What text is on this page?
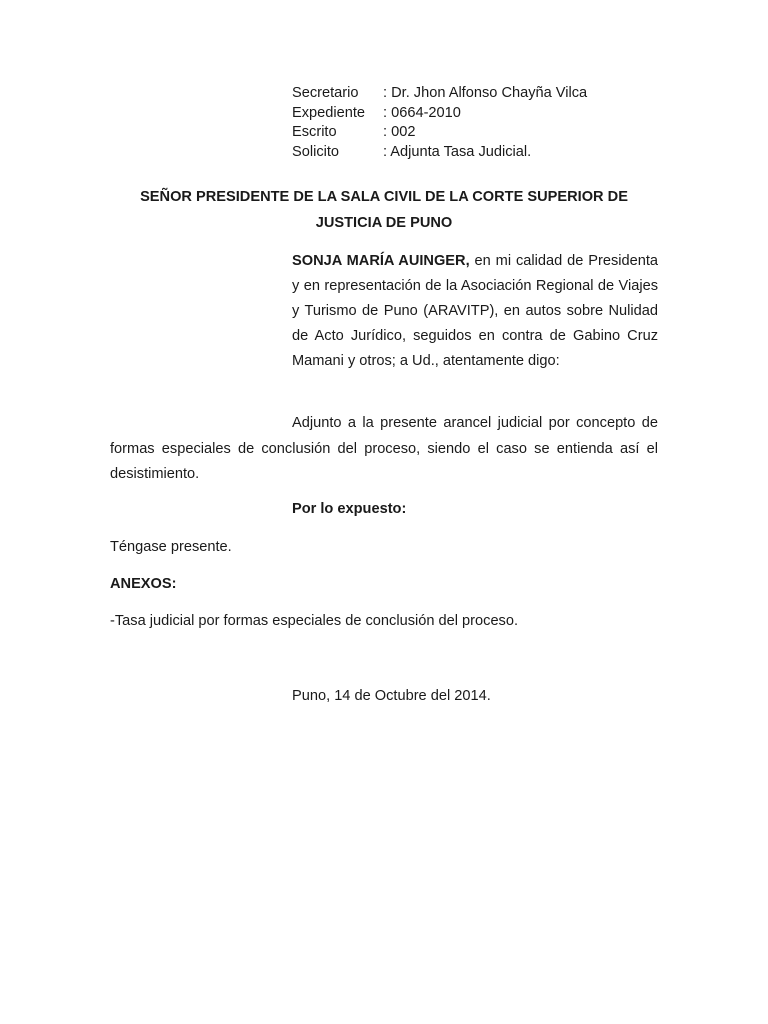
Secretario	: Dr. Jhon Alfonso Chayña Vilca
Expediente	: 0664-2010
Escrito	: 002
Solicito	: Adjunta Tasa Judicial.
SEÑOR PRESIDENTE DE LA SALA CIVIL DE LA CORTE SUPERIOR DE JUSTICIA DE PUNO
SONJA MARÍA AUINGER, en mi calidad de Presidenta y en representación de la Asociación Regional de Viajes y Turismo de Puno (ARAVITP), en autos sobre Nulidad de Acto Jurídico, seguidos en contra de Gabino Cruz Mamani y otros; a Ud., atentamente digo:
Adjunto a la presente arancel judicial por concepto de formas especiales de conclusión del proceso, siendo el caso se entienda así el desistimiento.
Por lo expuesto:
Téngase presente.
ANEXOS:
-Tasa judicial por formas especiales de conclusión del proceso.
Puno, 14 de Octubre del 2014.
